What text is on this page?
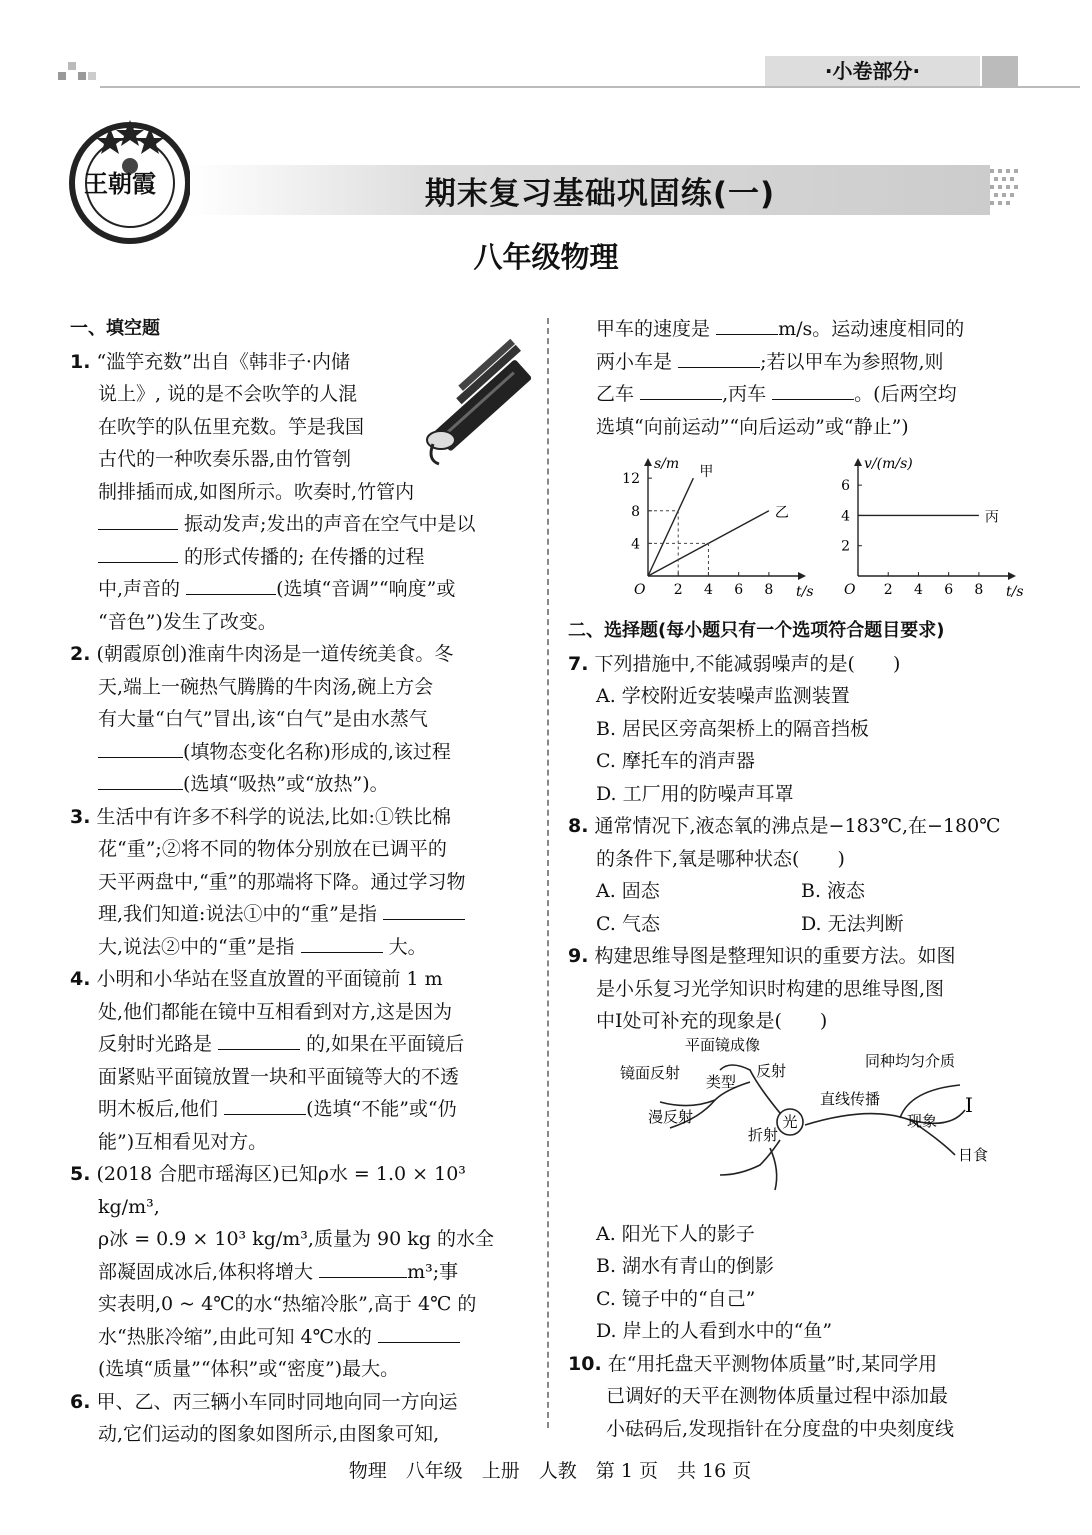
·小卷部分·
王朝霞	期末复习基础巩固练(一)
八年级物理
一、填空题
1. “滥竽充数”出自《韩非子·内储
说上》, 说的是不会吹竽的人混
在吹竽的队伍里充数。竽是我国
古代的一种吹奏乐器,由竹管刳
制排插而成,如图所示。吹奏时,竹管内
振动发声;发出的声音在空气中是以
的形式传播的; 在传播的过程
中,声音的	(选填“音调”“响度”或
“音色”)发生了改变。
2. (朝霞原创)淮南牛肉汤是一道传统美食。冬
天,端上一碗热气腾腾的牛肉汤,碗上方会
有大量“白气”冒出,该“白气”是由水蒸气
(填物态变化名称)形成的,该过程
(选填“吸热”或“放热”)。
3. 生活中有许多不科学的说法,比如:①铁比棉
花“重”;②将不同的物体分别放在已调平的
天平两盘中,“重”的那端将下降。通过学习物
理,我们知道:说法①中的“重”是指
大,说法②中的“重”是指	大。
4. 小明和小华站在竖直放置的平面镜前 1 m
处,他们都能在镜中互相看到对方,这是因为
反射时光路是	的,如果在平面镜后
面紧贴平面镜放置一块和平面镜等大的不透
明木板后,他们	(选填“不能”或“仍
能”)互相看见对方。
5. (2018 合肥市瑶海区)已知ρ水 = 1.0 × 10³ kg/m³,
ρ冰 = 0.9 × 10³ kg/m³,质量为 90 kg 的水全
部凝固成冰后,体积将增大	m³;事
实表明,0 ~ 4℃的水“热缩冷胀”,高于 4℃ 的
水“热胀冷缩”,由此可知 4℃水的
(选填“质量”“体积”或“密度”)最大。
6. 甲、乙、丙三辆小车同时同地向同一方向运
动,它们运动的图象如图所示,由图象可知,
甲车的速度是	m/s。运动速度相同的
两小车是	;若以甲车为参照物,则
乙车	,丙车	。(后两空均
选填“向前运动”“向后运动”或“静止”)
二、选择题(每小题只有一个选项符合题目要求)
7. 下列措施中,不能减弱噪声的是(　　)
A. 学校附近安装噪声监测装置
B. 居民区旁高架桥上的隔音挡板
C. 摩托车的消声器
D. 工厂用的防噪声耳罩
8. 通常情况下,液态氧的沸点是−183℃,在−180℃
的条件下,氧是哪种状态(　　)
A. 固态	B. 液态
C. 气态	D. 无法判断
9. 构建思维导图是整理知识的重要方法。如图
是小乐复习光学知识时构建的思维导图,图
中Ⅰ处可补充的现象是(　　)
A. 阳光下人的影子
B. 湖水有青山的倒影
C. 镜子中的“自己”
D. 岸上的人看到水中的“鱼”
10. 在“用托盘天平测物体质量”时,某同学用
已调好的天平在测物体质量过程中添加最
小砝码后,发现指针在分度盘的中央刻度线
O	t/s
s/m
2 4 6 8
4
8
12	甲
乙
O	t/s
v/(m/s)
2 4 6 8
2
4
6
丙
光
平面镜成像
镜面反射 类型
反射
漫反射
直线传播
同种均匀介质
现象
Ⅰ
日食
折射
物理　八年级　上册　人教　第 1 页　共 16 页
